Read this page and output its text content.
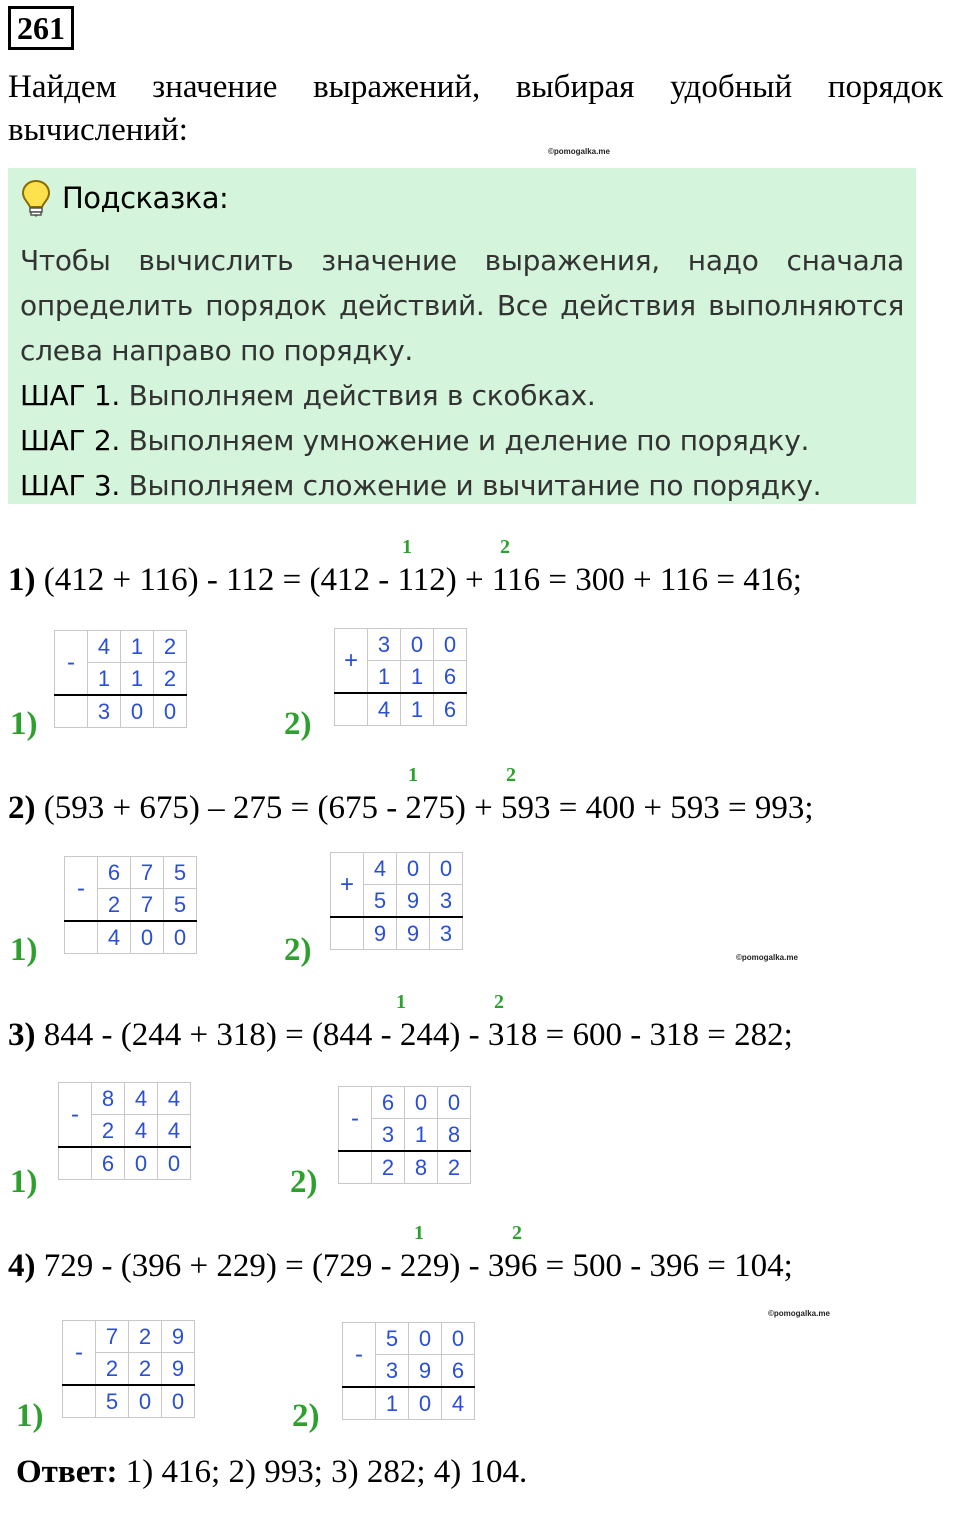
261
Найдем значение выражений, выбирая удобный порядок
вычислений:
©pomogalka.me
Подсказка:

Чтобы вычислить значение выражения, надо сначала

определить порядок действий. Все действия выполняются

слева направо по порядку.

ШАГ 1. Выполняем действия в скобках.

ШАГ 2. Выполняем умножение и деление по порядку.

ШАГ 3. Выполняем сложение и вычитание по порядку.

1	2
1) (412 + 116) - 112 = (412 - 112) + 116 = 300 + 116 = 416;
1)
-	4	1	2
	1	1	2
	3	0	0	2)
+	3	0	0
	1	1	6
	4	1	6
1	2
2) (593 + 675) – 275 = (675 - 275) + 593 = 400 + 593 = 993;
1)
-	6	7	5
	2	7	5
	4	0	0	2)
+	4	0	0
	5	9	3
	9	9	3
©pomogalka.me
1	2
3) 844 - (244 + 318) = (844 - 244) - 318 = 600 - 318 = 282;
1)
-	8	4	4
	2	4	4
	6	0	0
2)
-	6	0	0
	3	1	8
	2	8	2
1	2
4) 729 - (396 + 229) = (729 - 229) - 396 = 500 - 396 = 104;
©pomogalka.me
1)
-	7	2	9
	2	2	9
	5	0	0	2)
-	5	0	0
	3	9	6
	1	0	4
Ответ: 1) 416; 2) 993; 3) 282; 4) 104.
